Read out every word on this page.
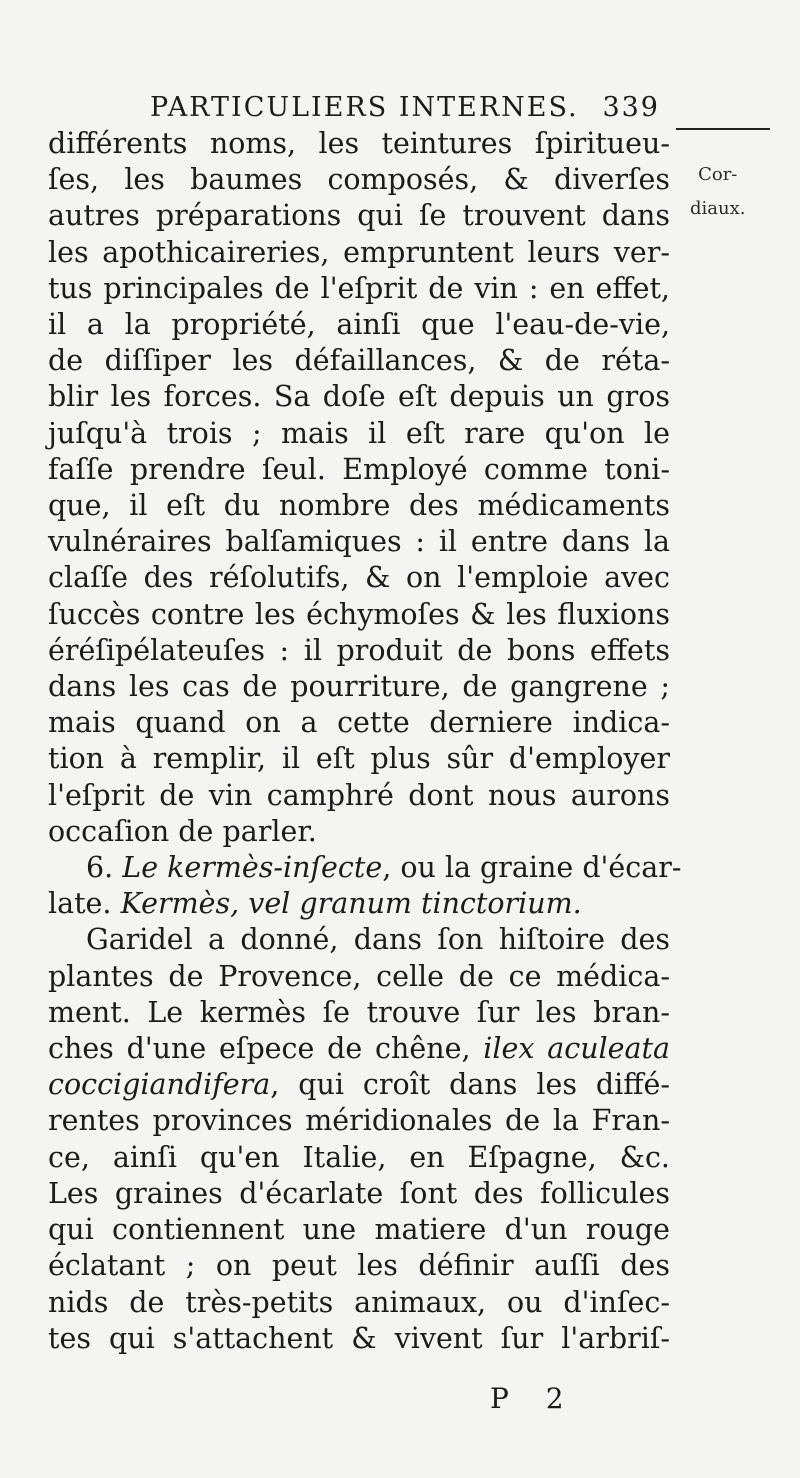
PARTICULIERS INTERNES. 339
Cor-
diaux.
différents noms, les teintures ſpiritueu-
ſes, les baumes composés, & diverſes
autres préparations qui ſe trouvent dans
les apothicaireries, empruntent leurs ver-
tus principales de l'eſprit de vin : en effet,
il a la propriété, ainſi que l'eau-de-vie,
de diſſiper les défaillances, & de réta-
blir les forces. Sa doſe eſt depuis un gros
juſqu'à trois ; mais il eſt rare qu'on le
faſſe prendre ſeul. Employé comme toni-
que, il eſt du nombre des médicaments
vulnéraires balſamiques : il entre dans la
claſſe des réſolutifs, & on l'emploie avec
ſuccès contre les échymoſes & les fluxions
éréſipélateuſes : il produit de bons effets
dans les cas de pourriture, de gangrene ;
mais quand on a cette derniere indica-
tion à remplir, il eſt plus sûr d'employer
l'eſprit de vin camphré dont nous aurons
occaſion de parler.
6. Le kermès-inſecte, ou la graine d'écar-
late. Kermès, vel granum tinctorium.
Garidel a donné, dans ſon hiſtoire des
plantes de Provence, celle de ce médica-
ment. Le kermès ſe trouve ſur les bran-
ches d'une eſpece de chêne, ilex aculeata
coccigiandifera, qui croît dans les diffé-
rentes provinces méridionales de la Fran-
ce, ainſi qu'en Italie, en Eſpagne, &c.
Les graines d'écarlate ſont des follicules
qui contiennent une matiere d'un rouge
éclatant ; on peut les définir auſſi des
nids de très-petits animaux, ou d'inſec-
tes qui s'attachent & vivent ſur l'arbriſ-
P 2
